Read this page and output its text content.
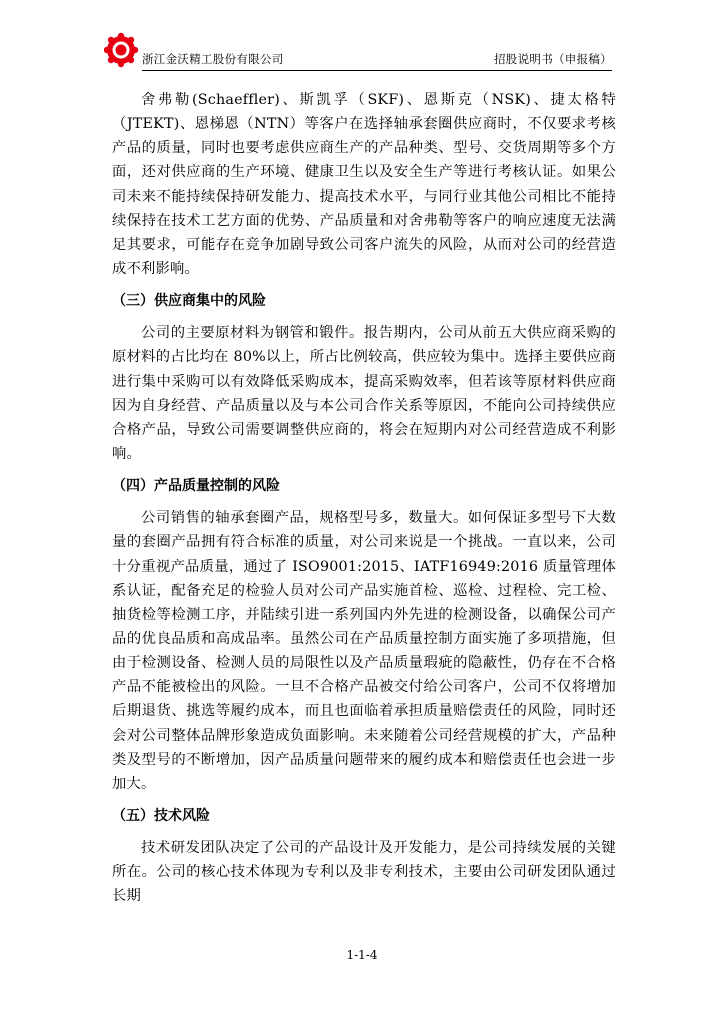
浙江金沃精工股份有限公司	招股说明书（申报稿）

舍弗勒(Schaeffler)、斯凯孚（SKF)、恩斯克（NSK)、捷太格特（JTEKT)、恩梯恩（NTN）等客户在选择轴承套圈供应商时，不仅要求考核产品的质量，同时也要考虑供应商生产的产品种类、型号、交货周期等多个方面，还对供应商的生产环境、健康卫生以及安全生产等进行考核认证。如果公司未来不能持续保持研发能力、提高技术水平，与同行业其他公司相比不能持续保持在技术工艺方面的优势、产品质量和对舍弗勒等客户的响应速度无法满足其要求，可能存在竞争加剧导致公司客户流失的风险，从而对公司的经营造成不利影响。

（三）供应商集中的风险

公司的主要原材料为钢管和锻件。报告期内，公司从前五大供应商采购的原材料的占比均在 80%以上，所占比例较高，供应较为集中。选择主要供应商进行集中采购可以有效降低采购成本，提高采购效率，但若该等原材料供应商因为自身经营、产品质量以及与本公司合作关系等原因，不能向公司持续供应合格产品，导致公司需要调整供应商的，将会在短期内对公司经营造成不利影响。

（四）产品质量控制的风险

公司销售的轴承套圈产品，规格型号多，数量大。如何保证多型号下大数量的套圈产品拥有符合标准的质量，对公司来说是一个挑战。一直以来，公司十分重视产品质量，通过了 ISO9001:2015、IATF16949:2016 质量管理体系认证，配备充足的检验人员对公司产品实施首检、巡检、过程检、完工检、抽货检等检测工序，并陆续引进一系列国内外先进的检测设备，以确保公司产品的优良品质和高成品率。虽然公司在产品质量控制方面实施了多项措施，但由于检测设备、检测人员的局限性以及产品质量瑕疵的隐蔽性，仍存在不合格产品不能被检出的风险。一旦不合格产品被交付给公司客户，公司不仅将增加后期退货、挑选等履约成本，而且也面临着承担质量赔偿责任的风险，同时还会对公司整体品牌形象造成负面影响。未来随着公司经营规模的扩大，产品种类及型号的不断增加，因产品质量问题带来的履约成本和赔偿责任也会进一步加大。

（五）技术风险

技术研发团队决定了公司的产品设计及开发能力，是公司持续发展的关键所在。公司的核心技术体现为专利以及非专利技术，主要由公司研发团队通过长期

1-1-4
